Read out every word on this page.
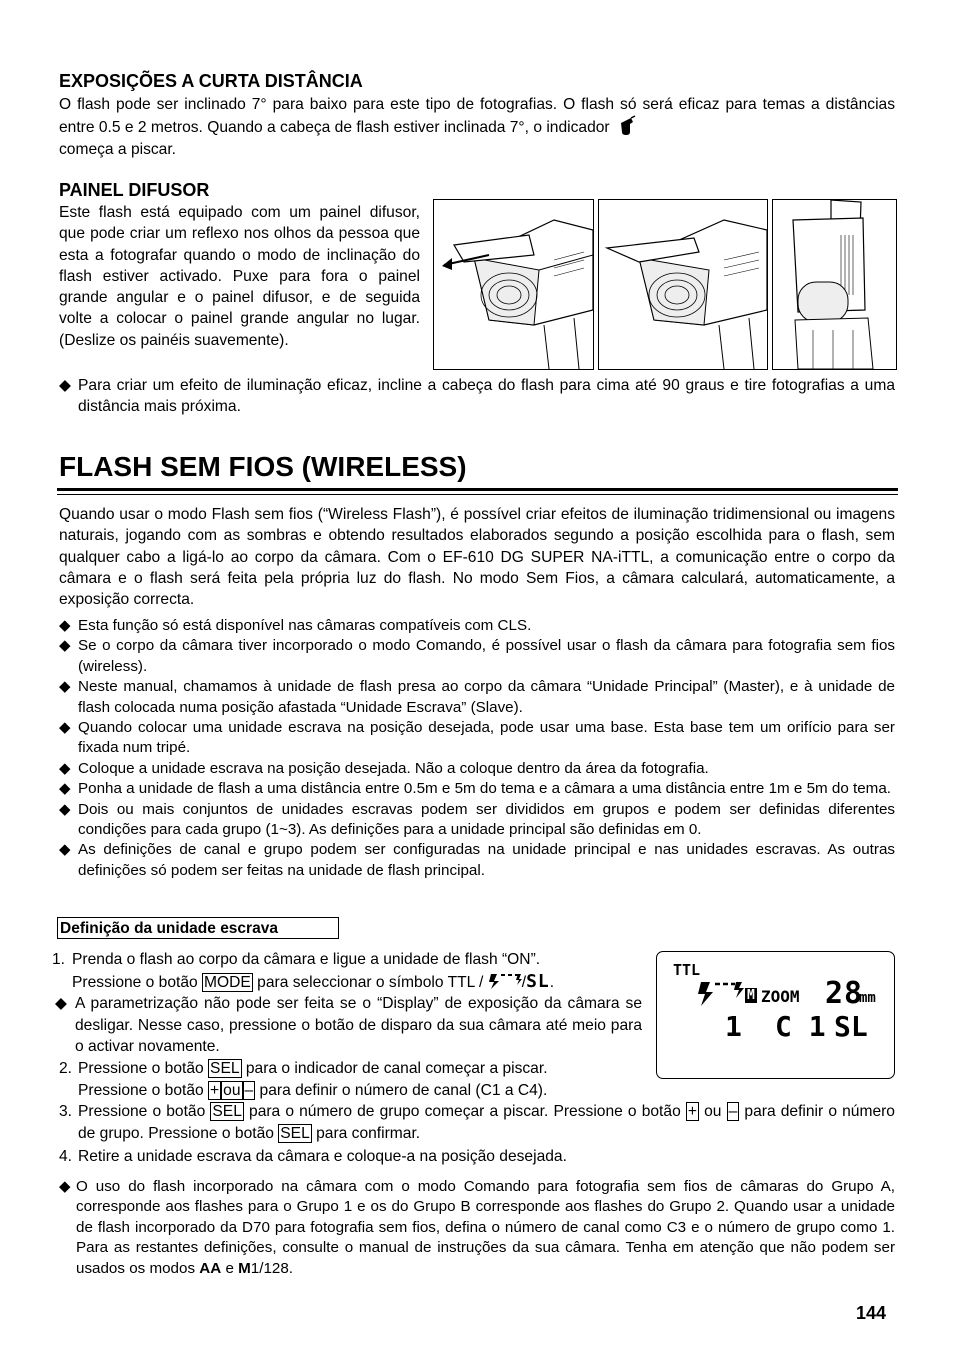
EXPOSIÇÕES A CURTA DISTÂNCIA
O flash pode ser inclinado 7° para baixo para este tipo de fotografias. O flash só será eficaz para temas a distâncias entre 0.5 e 2 metros. Quando a cabeça de flash estiver inclinada 7°, o indicador
começa a piscar.
PAINEL DIFUSOR
Este flash está equipado com um painel difusor, que pode criar um reflexo nos olhos da pessoa que esta a fotografar quando o modo de inclinação do flash estiver activado. Puxe para fora o painel grande angular e o painel difusor, e de seguida volte a colocar o painel grande angular no lugar. (Deslize os painéis suavemente).

◆ Para criar um efeito de iluminação eficaz, incline a cabeça do flash para cima até 90 graus e tire fotografias a uma distância mais próxima.

FLASH SEM FIOS (WIRELESS)
Quando usar o modo Flash sem fios (“Wireless Flash”), é possível criar efeitos de iluminação tridimensional ou imagens naturais, jogando com as sombras e obtendo resultados elaborados segundo a posição escolhida para o flash, sem qualquer cabo a ligá-lo ao corpo da câmara. Com o EF-610 DG SUPER NA-iTTL, a comunicação entre o corpo da câmara e o flash será feita pela própria luz do flash. No modo Sem Fios, a câmara calculará, automaticamente, a exposição correcta.

◆ Esta função só está disponível nas câmaras compatíveis com CLS.

◆ Se o corpo da câmara tiver incorporado o modo Comando, é possível usar o flash da câmara para fotografia sem fios (wireless).

◆ Neste manual, chamamos à unidade de flash presa ao corpo da câmara “Unidade Principal” (Master), e à unidade de flash colocada numa posição afastada “Unidade Escrava” (Slave).

◆ Quando colocar uma unidade escrava na posição desejada, pode usar uma base. Esta base tem um orifício para ser fixada num tripé.

◆ Coloque a unidade escrava na posição desejada. Não a coloque dentro da área da fotografia.

◆ Ponha a unidade de flash a uma distância entre 0.5m e 5m do tema e a câmara a uma distância entre 1m e 5m do tema.

◆ Dois ou mais conjuntos de unidades escravas podem ser divididos em grupos e podem ser definidas diferentes condições para cada grupo (1~3). As definições para a unidade principal são definidas em 0.

◆ As definições de canal e grupo podem ser configuradas na unidade principal e nas unidades escravas. As outras definições só podem ser feitas na unidade de flash principal.

Definição da unidade escrava

1. Prenda o flash ao corpo da câmara e ligue a unidade de flash “ON”.
Pressione o botão MODE para seleccionar o símbolo TTL / /SL.

◆ A parametrização não pode ser feita se o “Display” de exposição da câmara se desligar. Nesse caso, pressione o botão de disparo da sua câmara até meio para o activar novamente.

2. Pressione o botão SEL para o indicador de canal começar a piscar.
Pressione o botão + ou – para definir o número de canal (C1 a C4).

TTL
M ZOOM 28
mm
1 C 1 SL

3. Pressione o botão SEL para o número de grupo começar a piscar. Pressione o botão + ou – para definir o número de grupo. Pressione o botão SEL para confirmar.

4. Retire a unidade escrava da câmara e coloque-a na posição desejada.

◆ O uso do flash incorporado na câmara com o modo Comando para fotografia sem fios de câmaras do Grupo A, corresponde aos flashes para o Grupo 1 e os do Grupo B corresponde aos flashes do Grupo 2. Quando usar a unidade de flash incorporado da D70 para fotografia sem fios, defina o número de canal como C3 e o número de grupo como 1. Para as restantes definições, consulte o manual de instruções da sua câmara. Tenha em atenção que não podem ser usados os modos AA e M1/128.

144
